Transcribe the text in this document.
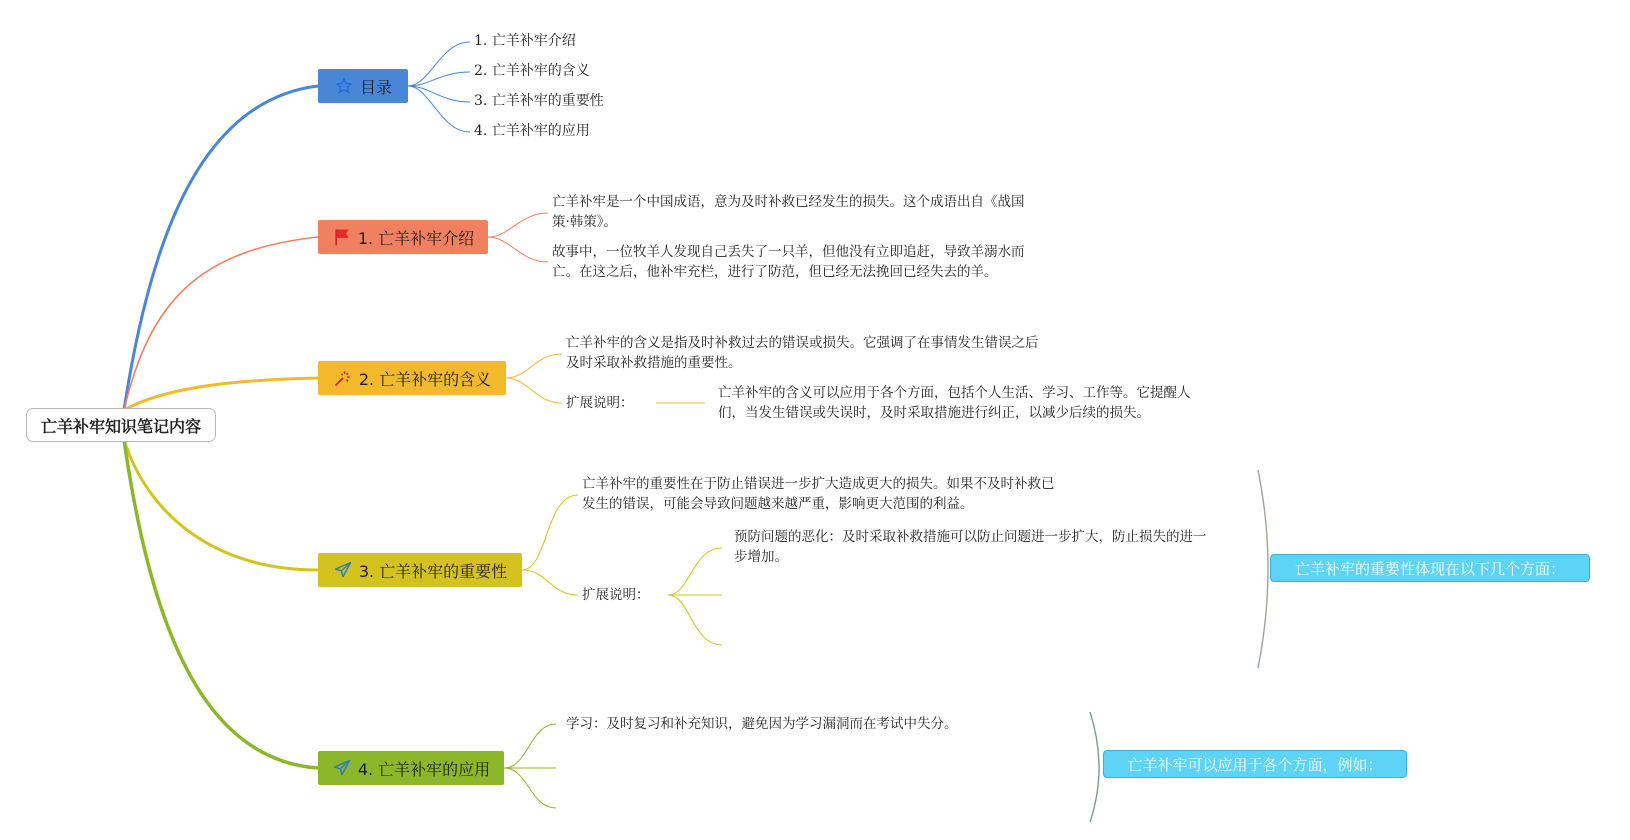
亡羊补牢知识笔记内容
目录
1. 亡羊补牢介绍
2. 亡羊补牢的含义
3. 亡羊补牢的重要性
4. 亡羊补牢的应用
1. 亡羊补牢介绍
亡羊补牢是一个中国成语，意为及时补救已经发生的损失。这个成语出自《战国
策·韩策》。
故事中，一位牧羊人发现自己丢失了一只羊，但他没有立即追赶，导致羊溺水而
亡。在这之后，他补牢充栏，进行了防范，但已经无法挽回已经失去的羊。
2. 亡羊补牢的含义
亡羊补牢的含义是指及时补救过去的错误或损失。它强调了在事情发生错误之后
及时采取补救措施的重要性。
扩展说明：
亡羊补牢的含义可以应用于各个方面，包括个人生活、学习、工作等。它提醒人
们，当发生错误或失误时，及时采取措施进行纠正，以减少后续的损失。
3. 亡羊补牢的重要性
亡羊补牢的重要性在于防止错误进一步扩大造成更大的损失。如果不及时补救已
发生的错误，可能会导致问题越来越严重，影响更大范围的利益。
扩展说明：
预防问题的恶化：及时采取补救措施可以防止问题进一步扩大，防止损失的进一
步增加。
亡羊补牢的重要性体现在以下几个方面：
4. 亡羊补牢的应用
学习：及时复习和补充知识，避免因为学习漏洞而在考试中失分。
亡羊补牢可以应用于各个方面，例如：
